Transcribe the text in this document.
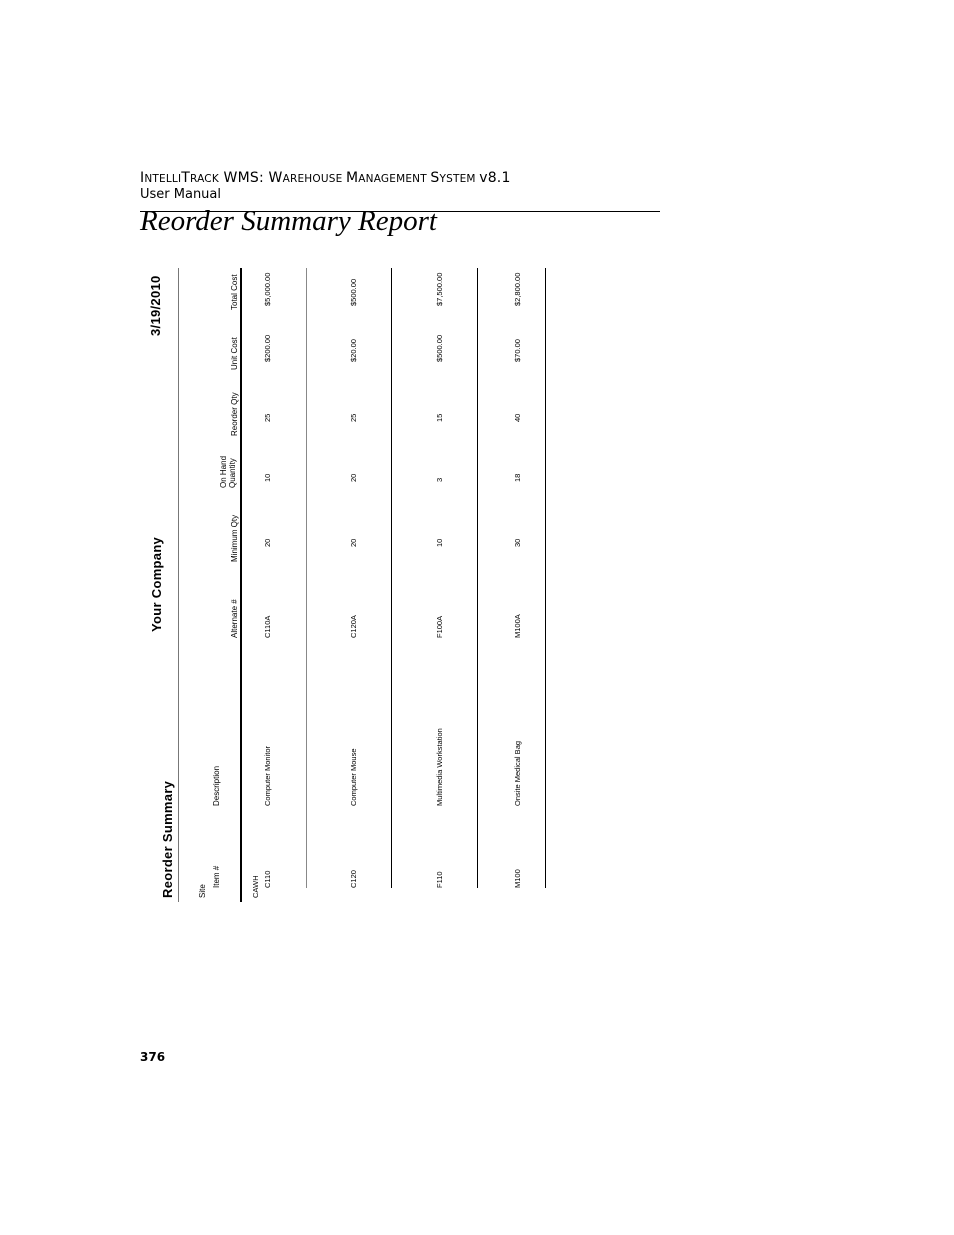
INTELLITRACK WMS: WAREHOUSE MANAGEMENT SYSTEM v8.1
User Manual
Reorder Summary Report
Reorder Summary
Your Company
3/19/2010
Site
Item #
Description
Alternate #
Minimum Qty
On Hand Quantity
Reorder Qty
Unit Cost
Total Cost
CAWH C110
Computer Monitor
C110A
20
10
25
$200.00
$5,000.00
C120
Computer Mouse
C120A
20
20
25
$20.00
$500.00
F110
Multimedia Workstation
F100A
10
3
15
$500.00
$7,500.00
M100
Onsite Medical Bag
M100A
30
18
40
$70.00
$2,800.00
376
